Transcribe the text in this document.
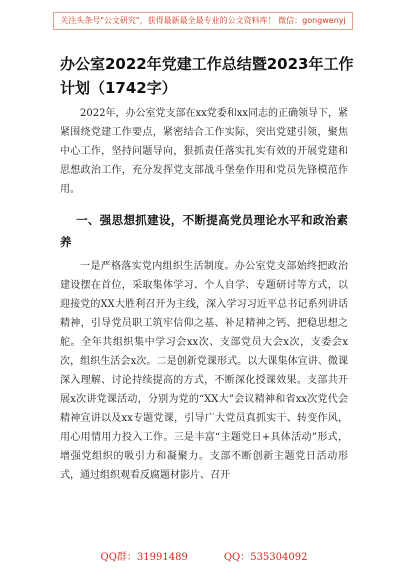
关注头条号"公文研究"，获得最新最全最专业的公文资料库！ 微信：gongwenyj
办公室2022年党建工作总结暨2023年工作计划（1742字）

2022年，办公室党支部在xx党委和xx同志的正确领导下，紧紧围绕党建工作要点，紧密结合工作实际，突出党建引领，聚焦中心工作，坚持问题导向，狠抓责任落实扎实有效的开展党建和思想政治工作，充分发挥党支部战斗堡垒作用和党员先锋模范作用。

一、强思想抓建设，不断提高党员理论水平和政治素养

一是严格落实党内组织生活制度。办公室党支部始终把政治建设摆在首位，采取集体学习、个人自学、专题研讨等方式，以迎接党的XX大胜利召开为主线，深入学习习近平总书记系列讲话精神，引导党员职工筑牢信仰之基、补足精神之钙、把稳思想之舵。全年共组织集中学习会xx次、支部党员大会x次，支委会x次，组织生活会x次。二是创新党课形式。以大课集体宣讲、微课深入理解、讨论持续提高的方式，不断深化授课效果。支部共开展x次讲党课活动，分别为党的“XX大”会议精神和省xx次党代会精神宣讲以及xx专题党课，引导广大党员真抓实干、转变作风，用心用情用力投入工作。三是丰富“主题党日+具体活动”形式，增强党组织的吸引力和凝聚力。支部不断创新主题党日活动形式，通过组织观看反腐题材影片、召开

QQ群：31991489	QQ：535304092
